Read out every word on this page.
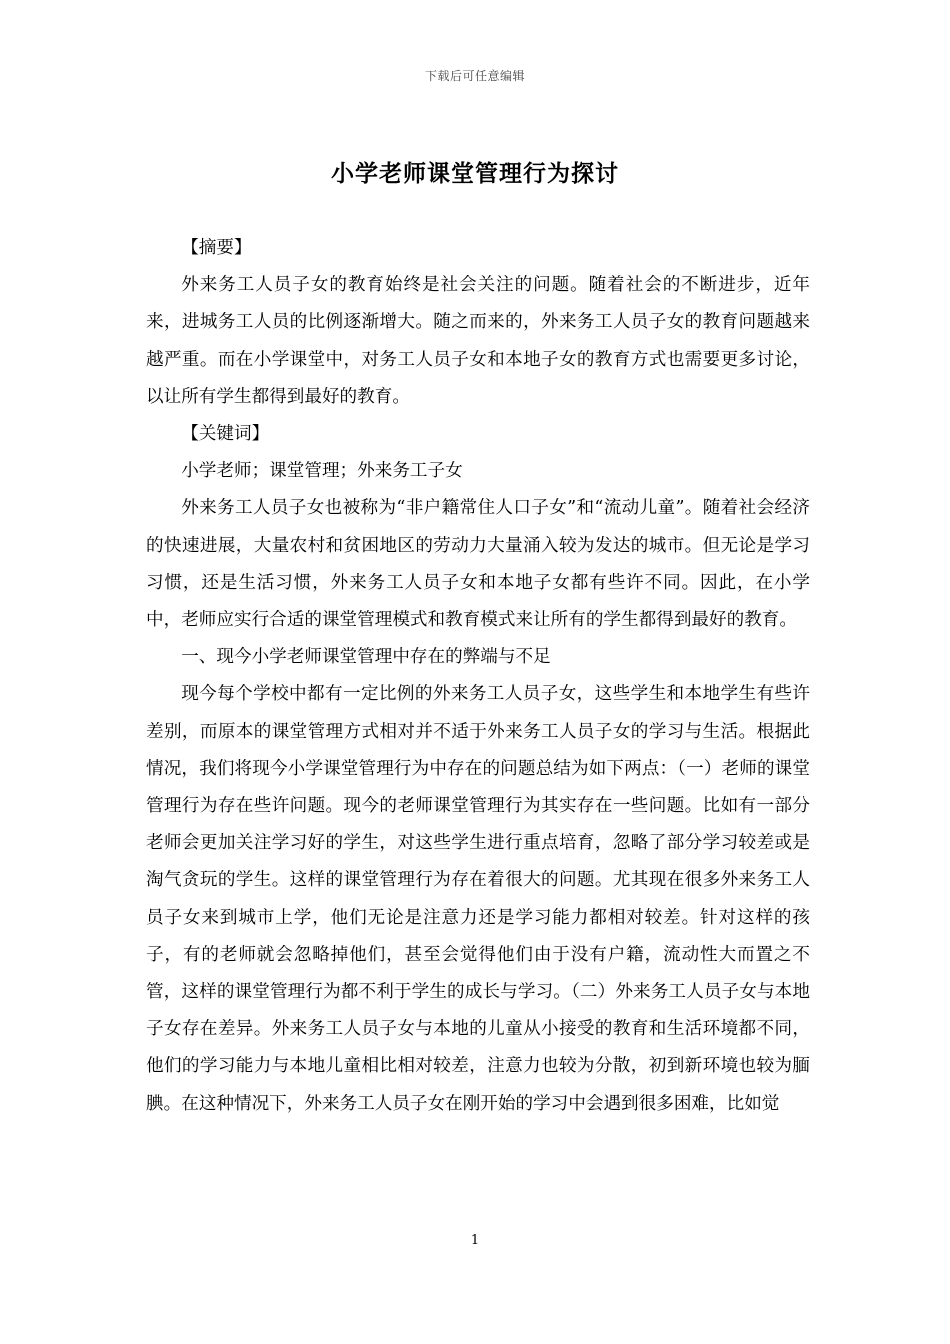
下载后可任意编辑
小学老师课堂管理行为探讨

【摘要】

外来务工人员子女的教育始终是社会关注的问题。随着社会的不断进步，近年来，进城务工人员的比例逐渐增大。随之而来的，外来务工人员子女的教育问题越来越严重。而在小学课堂中，对务工人员子女和本地子女的教育方式也需要更多讨论，以让所有学生都得到最好的教育。

【关键词】

小学老师；课堂管理；外来务工子女

外来务工人员子女也被称为“非户籍常住人口子女”和“流动儿童”。随着社会经济的快速进展，大量农村和贫困地区的劳动力大量涌入较为发达的城市。但无论是学习习惯，还是生活习惯，外来务工人员子女和本地子女都有些许不同。因此，在小学中，老师应实行合适的课堂管理模式和教育模式来让所有的学生都得到最好的教育。

一、现今小学老师课堂管理中存在的弊端与不足

现今每个学校中都有一定比例的外来务工人员子女，这些学生和本地学生有些许差别，而原本的课堂管理方式相对并不适于外来务工人员子女的学习与生活。根据此情况，我们将现今小学课堂管理行为中存在的问题总结为如下两点：（一）老师的课堂管理行为存在些许问题。现今的老师课堂管理行为其实存在一些问题。比如有一部分老师会更加关注学习好的学生，对这些学生进行重点培育，忽略了部分学习较差或是淘气贪玩的学生。这样的课堂管理行为存在着很大的问题。尤其现在很多外来务工人员子女来到城市上学，他们无论是注意力还是学习能力都相对较差。针对这样的孩子，有的老师就会忽略掉他们，甚至会觉得他们由于没有户籍，流动性大而置之不管，这样的课堂管理行为都不利于学生的成长与学习。（二）外来务工人员子女与本地子女存在差异。外来务工人员子女与本地的儿童从小接受的教育和生活环境都不同，他们的学习能力与本地儿童相比相对较差，注意力也较为分散，初到新环境也较为腼腆。在这种情况下，外来务工人员子女在刚开始的学习中会遇到很多困难，比如觉

1
